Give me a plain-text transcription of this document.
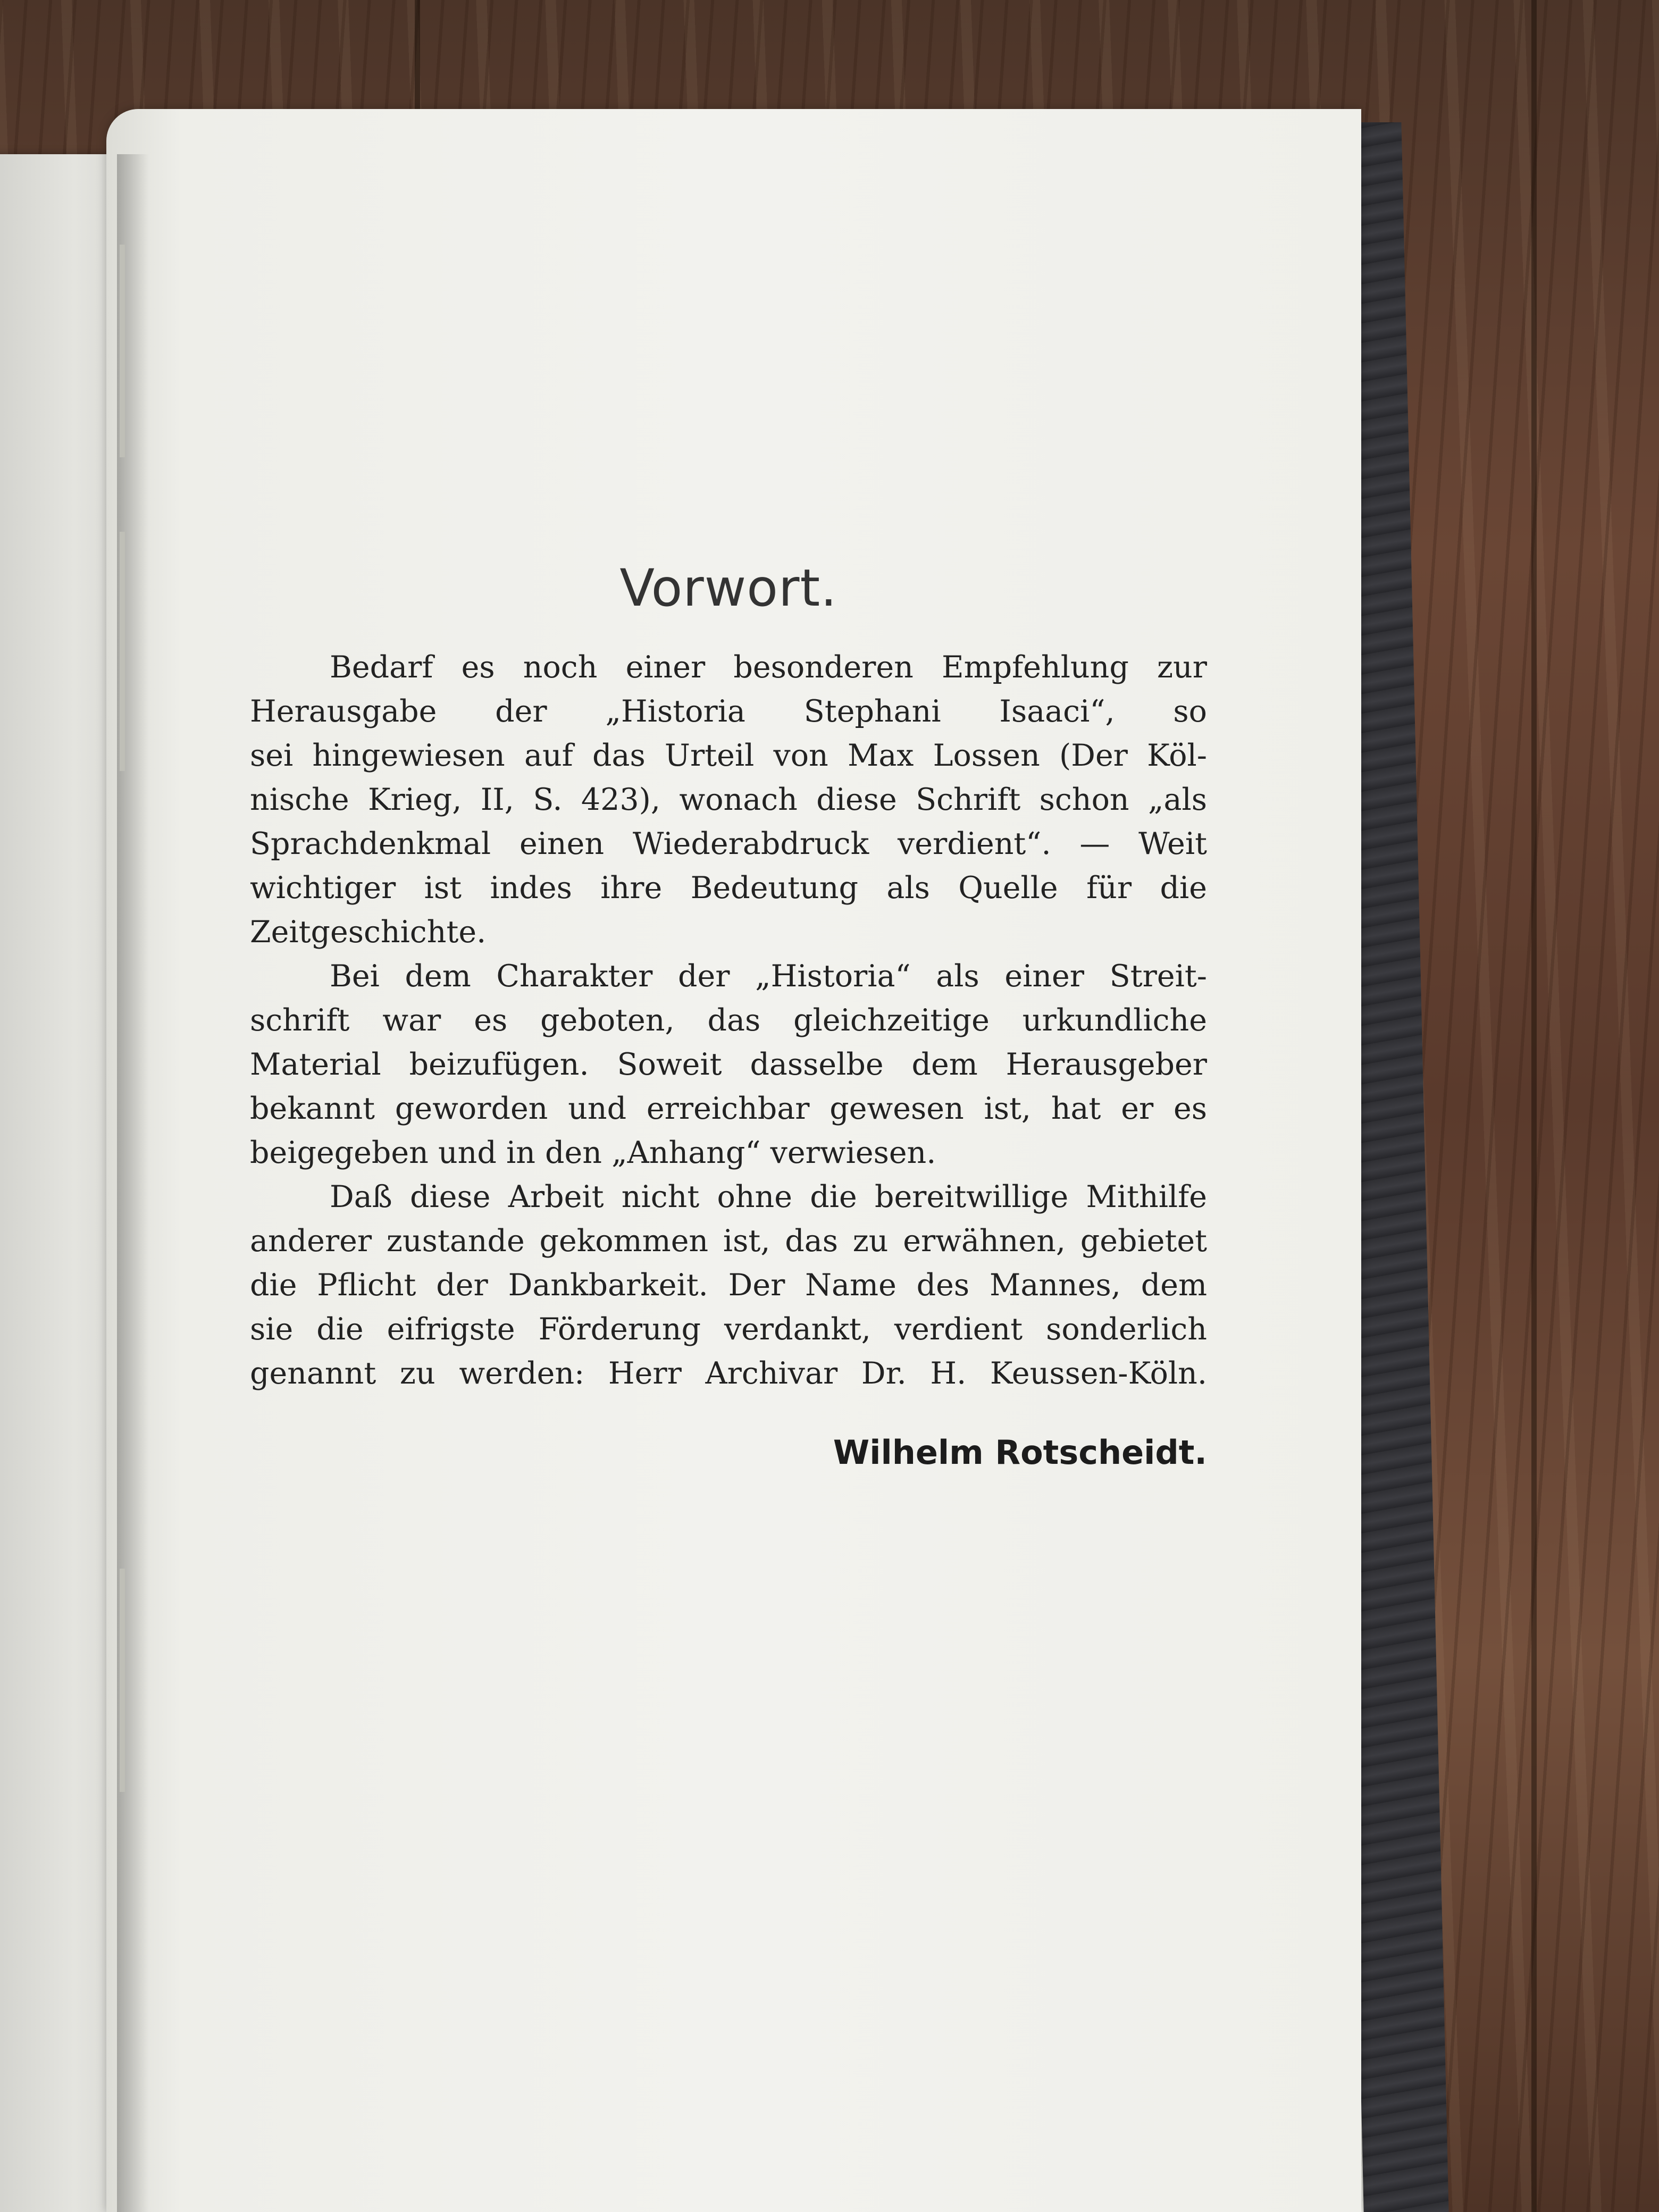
Vorwort.

Bedarf es noch einer besonderen Empfehlung zur
Herausgabe der „Historia Stephani Isaaci“, so
sei hingewiesen auf das Urteil von Max Lossen (Der Köl-
nische Krieg, II, S. 423), wonach diese Schrift schon „als
Sprachdenkmal einen Wiederabdruck verdient“. — Weit
wichtiger ist indes ihre Bedeutung als Quelle für die
Zeitgeschichte.

Bei dem Charakter der „Historia“ als einer Streit-
schrift war es geboten, das gleichzeitige urkundliche
Material beizufügen. Soweit dasselbe dem Herausgeber
bekannt geworden und erreichbar gewesen ist, hat er es
beigegeben und in den „Anhang“ verwiesen.

Daß diese Arbeit nicht ohne die bereitwillige Mithilfe
anderer zustande gekommen ist, das zu erwähnen, gebietet
die Pflicht der Dankbarkeit. Der Name des Mannes, dem
sie die eifrigste Förderung verdankt, verdient sonderlich
genannt zu werden: Herr Archivar Dr. H. Keussen-Köln.

Wilhelm Rotscheidt.
